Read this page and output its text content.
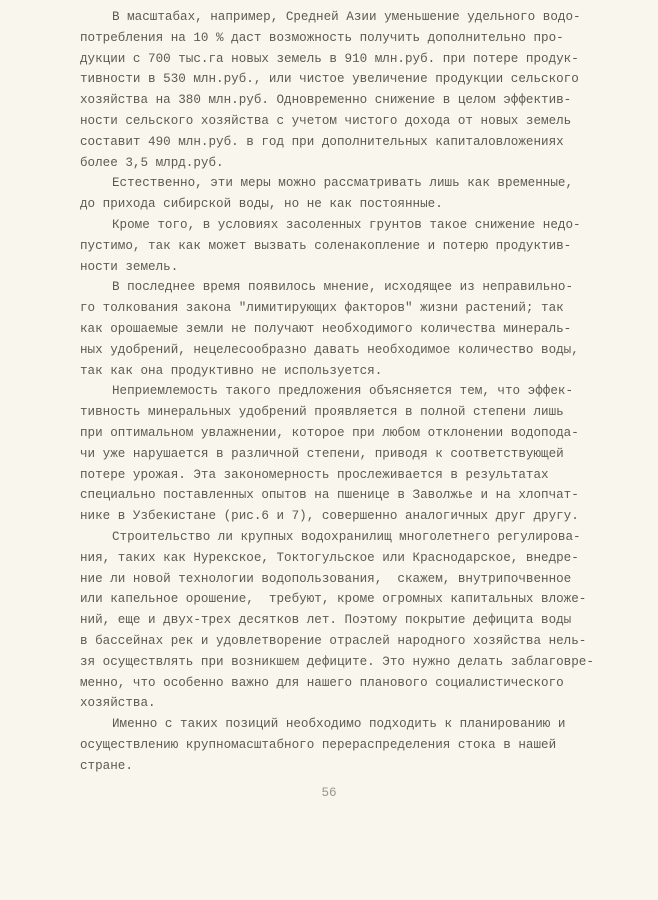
В масштабах, например, Средней Азии уменьшение удельного водо-
потребления на 10 % даст возможность получить дополнительно про-
дукции с 700 тыс.га новых земель в 910 млн.руб. при потере продук-
тивности в 530 млн.руб., или чистое увеличение продукции сельского
хозяйства на 380 млн.руб. Одновременно снижение в целом эффектив-
ности сельского хозяйства с учетом чистого дохода от новых земель
составит 490 млн.руб. в год при дополнительных капиталовложениях
более 3,5 млрд.руб.
Естественно, эти меры можно рассматривать лишь как временные,
до прихода сибирской воды, но не как постоянные.
Кроме того, в условиях засоленных грунтов такое снижение недо-
пустимо, так как может вызвать соленакопление и потерю продуктив-
ности земель.
В последнее время появилось мнение, исходящее из неправильно-
го толкования закона "лимитирующих факторов" жизни растений; так
как орошаемые земли не получают необходимого количества минераль-
ных удобрений, нецелесообразно давать необходимое количество воды,
так как она продуктивно не используется.
Неприемлемость такого предложения объясняется тем, что эффек-
тивность минеральных удобрений проявляется в полной степени лишь
при оптимальном увлажнении, которое при любом отклонении водопода-
чи уже нарушается в различной степени, приводя к соответствующей
потере урожая. Эта закономерность прослеживается в результатах
специально поставленных опытов на пшенице в Заволжье и на хлопчат-
нике в Узбекистане (рис.6 и 7), совершенно аналогичных друг другу.
Строительство ли крупных водохранилищ многолетнего регулирова-
ния, таких как Нурекское, Токтогульское или Краснодарское, внедре-
ние ли новой технологии водопользования,  скажем, внутрипочвенное
или капельное орошение,  требуют, кроме огромных капитальных вложе-
ний, еще и двух-трех десятков лет. Поэтому покрытие дефицита воды
в бассейнах рек и удовлетворение отраслей народного хозяйства нель-
зя осуществлять при возникшем дефиците. Это нужно делать заблаговре-
менно, что особенно важно для нашего планового социалистического
хозяйства.
Именно с таких позиций необходимо подходить к планированию и
осуществлению крупномасштабного перераспределения стока в нашей
стране.
56
